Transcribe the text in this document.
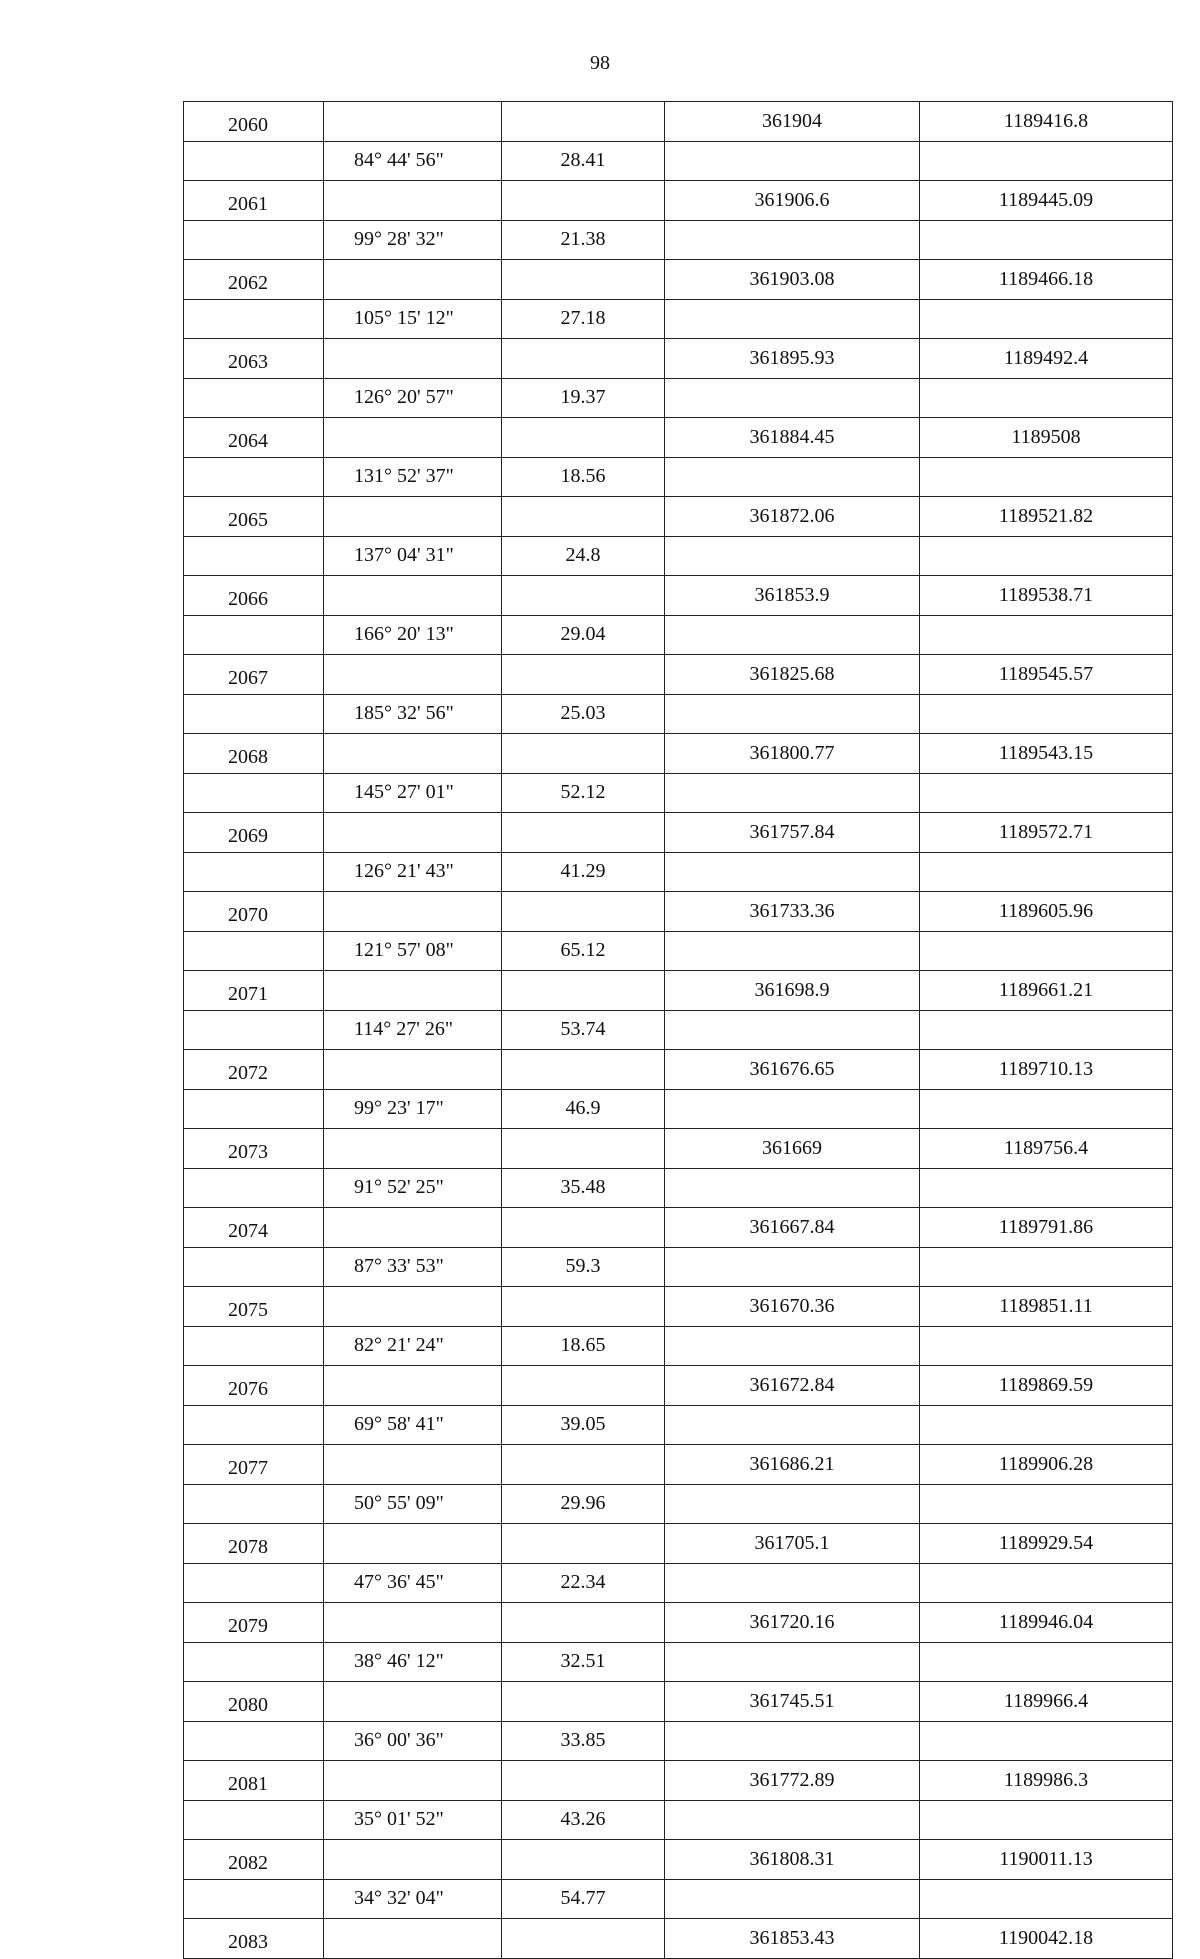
98
2060			361904	1189416.8
	84° 44' 56"	28.41		
2061			361906.6	1189445.09
	99° 28' 32"	21.38		
2062			361903.08	1189466.18
	105° 15' 12"	27.18		
2063			361895.93	1189492.4
	126° 20' 57"	19.37		
2064			361884.45	1189508
	131° 52' 37"	18.56		
2065			361872.06	1189521.82
	137° 04' 31"	24.8		
2066			361853.9	1189538.71
	166° 20' 13"	29.04		
2067			361825.68	1189545.57
	185° 32' 56"	25.03		
2068			361800.77	1189543.15
	145° 27' 01"	52.12		
2069			361757.84	1189572.71
	126° 21' 43"	41.29		
2070			361733.36	1189605.96
	121° 57' 08"	65.12		
2071			361698.9	1189661.21
	114° 27' 26"	53.74		
2072			361676.65	1189710.13
	99° 23' 17"	46.9		
2073			361669	1189756.4
	91° 52' 25"	35.48		
2074			361667.84	1189791.86
	87° 33' 53"	59.3		
2075			361670.36	1189851.11
	82° 21' 24"	18.65		
2076			361672.84	1189869.59
	69° 58' 41"	39.05		
2077			361686.21	1189906.28
	50° 55' 09"	29.96		
2078			361705.1	1189929.54
	47° 36' 45"	22.34		
2079			361720.16	1189946.04
	38° 46' 12"	32.51		
2080			361745.51	1189966.4
	36° 00' 36"	33.85		
2081			361772.89	1189986.3
	35° 01' 52"	43.26		
2082			361808.31	1190011.13
	34° 32' 04"	54.77		
2083			361853.43	1190042.18
